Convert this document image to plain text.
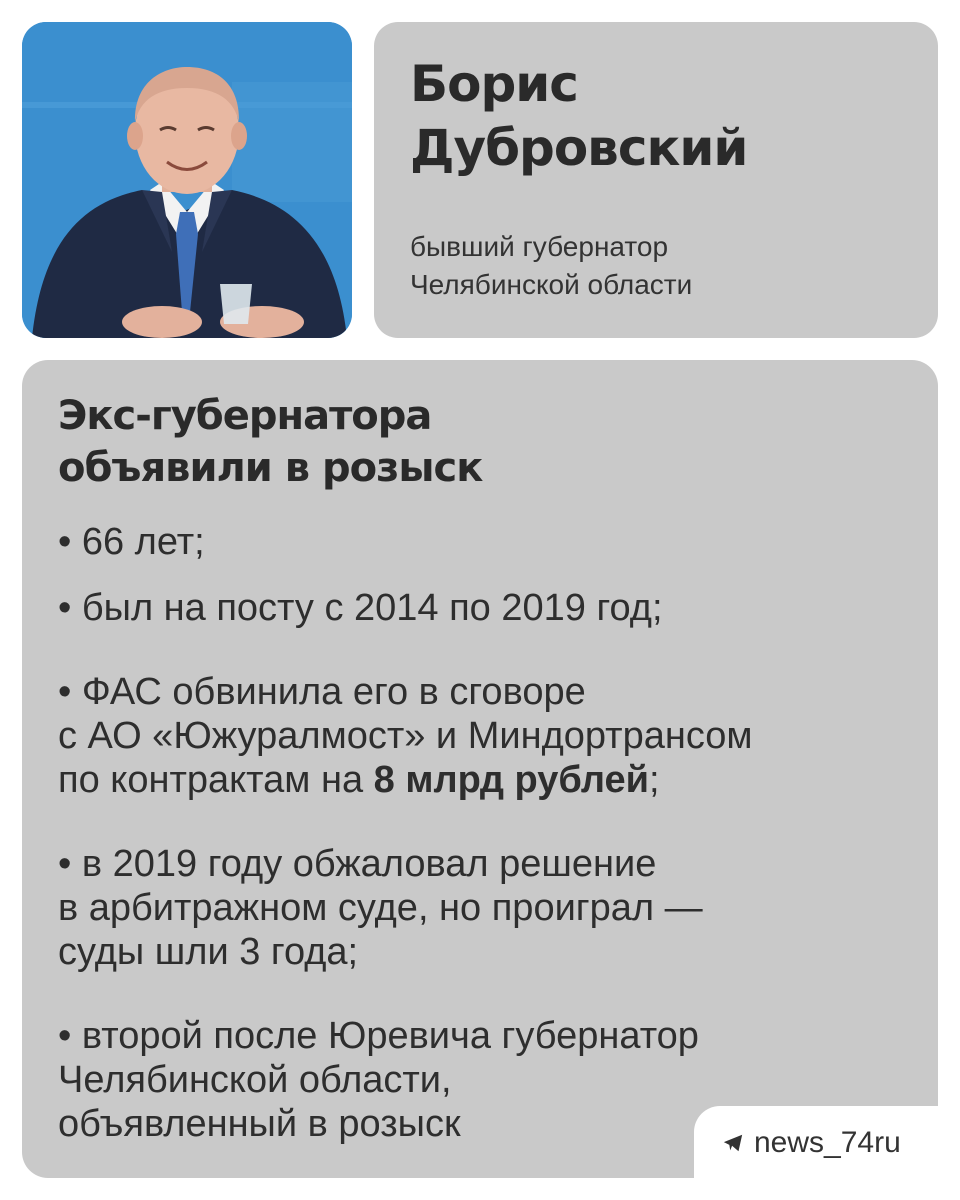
Борис
Дубровский
бывший губернатор
Челябинской области
Экс-губернатора
объявили в розыск

• 66 лет;

• был на посту с 2014 по 2019 год;

• ФАС обвинила его в сговоре
с АО «Южуралмост» и Миндортрансом
по контрактам на 8 млрд рублей;

• в 2019 году обжаловал решение
в арбитражном суде, но проиграл —
суды шли 3 года;

• второй после Юревича губернатор
Челябинской области,
объявленный в розыск	news_74ru
